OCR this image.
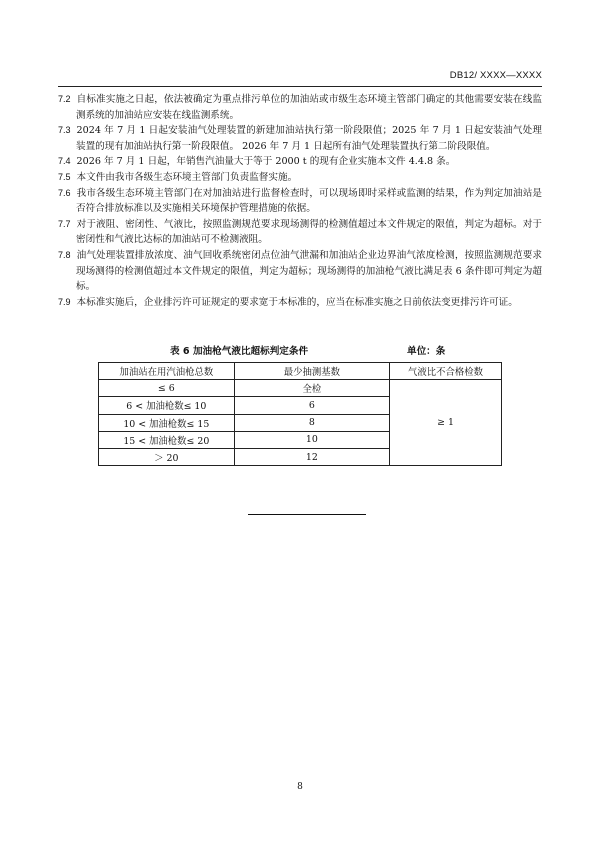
DB12/ XXXX—XXXX

7.2 自标准实施之日起，依法被确定为重点排污单位的加油站或市级生态环境主管部门确定的其他需要安装在线监测系统的加油站应安装在线监测系统。

7.3 2024 年 7 月 1 日起安装油气处理装置的新建加油站执行第一阶段限值；2025 年 7 月 1 日起安装油气处理装置的现有加油站执行第一阶段限值。 2026 年 7 月 1 日起所有油气处理装置执行第二阶段限值。

7.4 2026 年 7 月 1 日起，年销售汽油量大于等于 2000 t 的现有企业实施本文件 4.4.8 条。

7.5 本文件由我市各级生态环境主管部门负责监督实施。

7.6 我市各级生态环境主管部门在对加油站进行监督检查时，可以现场即时采样或监测的结果，作为判定加油站是否符合排放标准以及实施相关环境保护管理措施的依据。

7.7 对于液阻、密闭性、气液比，按照监测规范要求现场测得的检测值超过本文件规定的限值，判定为超标。对于密闭性和气液比达标的加油站可不检测液阻。

7.8 油气处理装置排放浓度、油气回收系统密闭点位油气泄漏和加油站企业边界油气浓度检测，按照监测规范要求现场测得的检测值超过本文件规定的限值，判定为超标；现场测得的加油枪气液比满足表 6 条件即可判定为超标。

7.9 本标准实施后，企业排污许可证规定的要求宽于本标准的，应当在标准实施之日前依法变更排污许可证。

表 6 加油枪气液比超标判定条件	单位：条
加油站在用汽油枪总数	最少抽测基数	气液比不合格检数
≤ 6	全检	≥ 1
6 < 加油枪数≤ 10	6	
10 < 加油枪数≤ 15	8	
15 < 加油枪数≤ 20	10	
＞ 20	12	
8
